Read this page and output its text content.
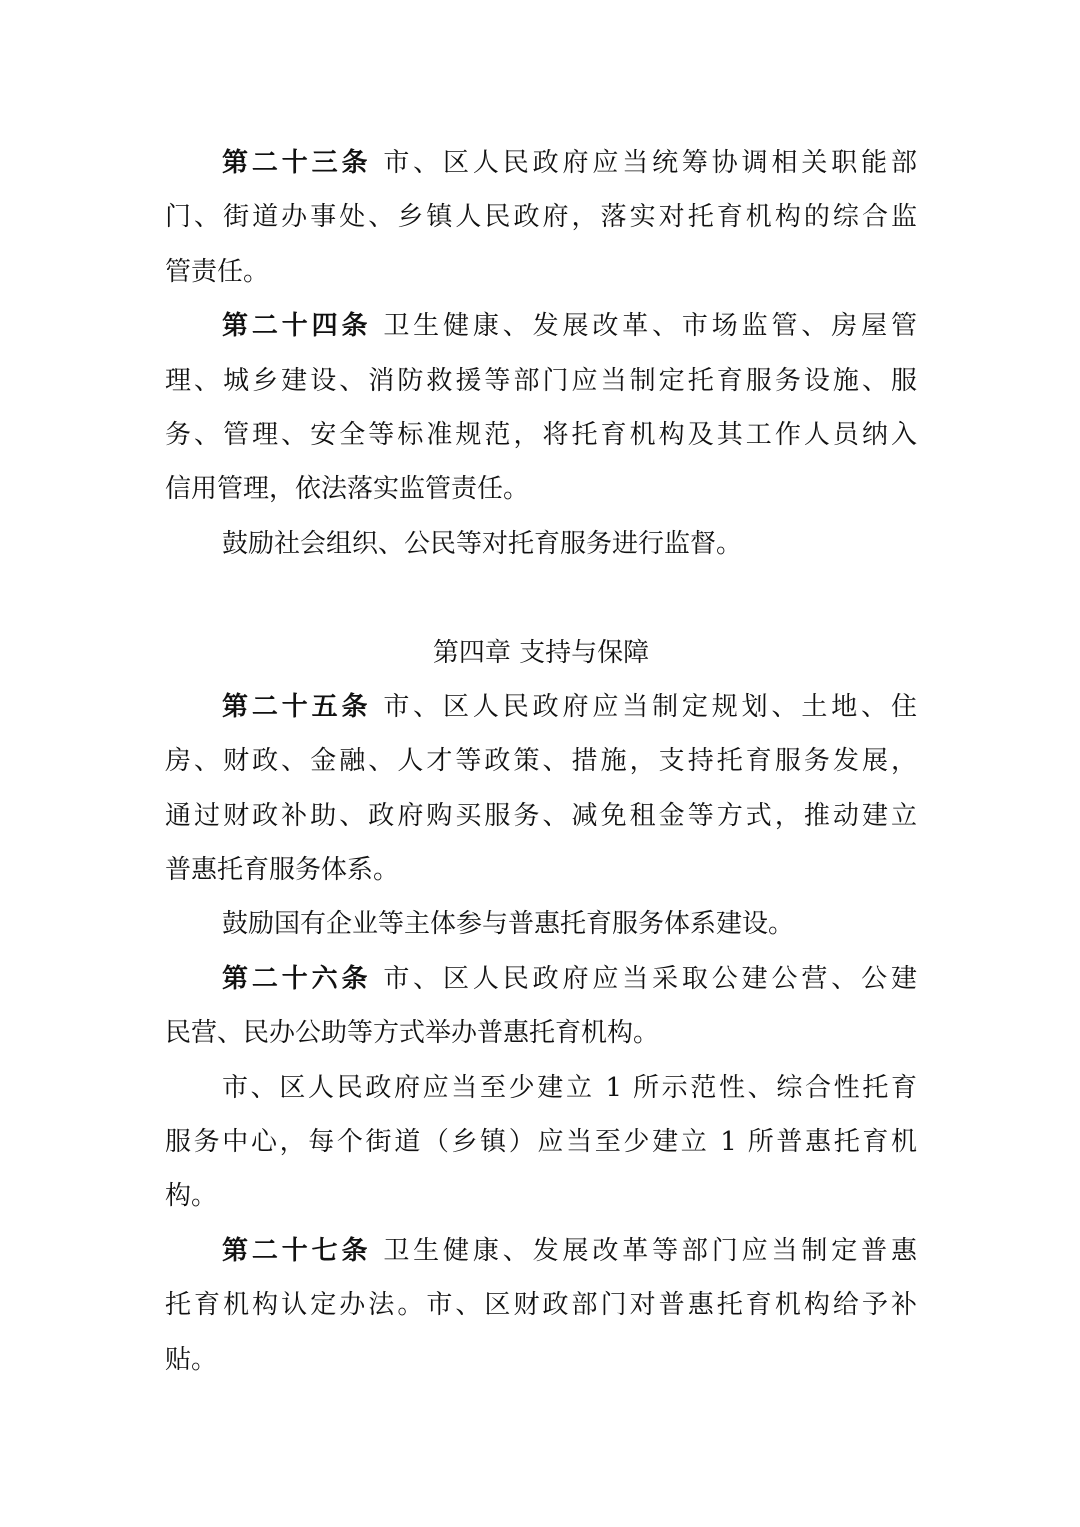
第二十三条 市、区人民政府应当统筹协调相关职能部
门、街道办事处、乡镇人民政府，落实对托育机构的综合监
管责任。
第二十四条 卫生健康、发展改革、市场监管、房屋管
理、城乡建设、消防救援等部门应当制定托育服务设施、服
务、管理、安全等标准规范，将托育机构及其工作人员纳入
信用管理，依法落实监管责任。
鼓励社会组织、公民等对托育服务进行监督。
第四章 支持与保障
第二十五条 市、区人民政府应当制定规划、土地、住
房、财政、金融、人才等政策、措施，支持托育服务发展，
通过财政补助、政府购买服务、减免租金等方式，推动建立
普惠托育服务体系。
鼓励国有企业等主体参与普惠托育服务体系建设。
第二十六条 市、区人民政府应当采取公建公营、公建
民营、民办公助等方式举办普惠托育机构。
市、区人民政府应当至少建立 1 所示范性、综合性托育
服务中心，每个街道（乡镇）应当至少建立 1 所普惠托育机
构。
第二十七条 卫生健康、发展改革等部门应当制定普惠
托育机构认定办法。市、区财政部门对普惠托育机构给予补
贴。
